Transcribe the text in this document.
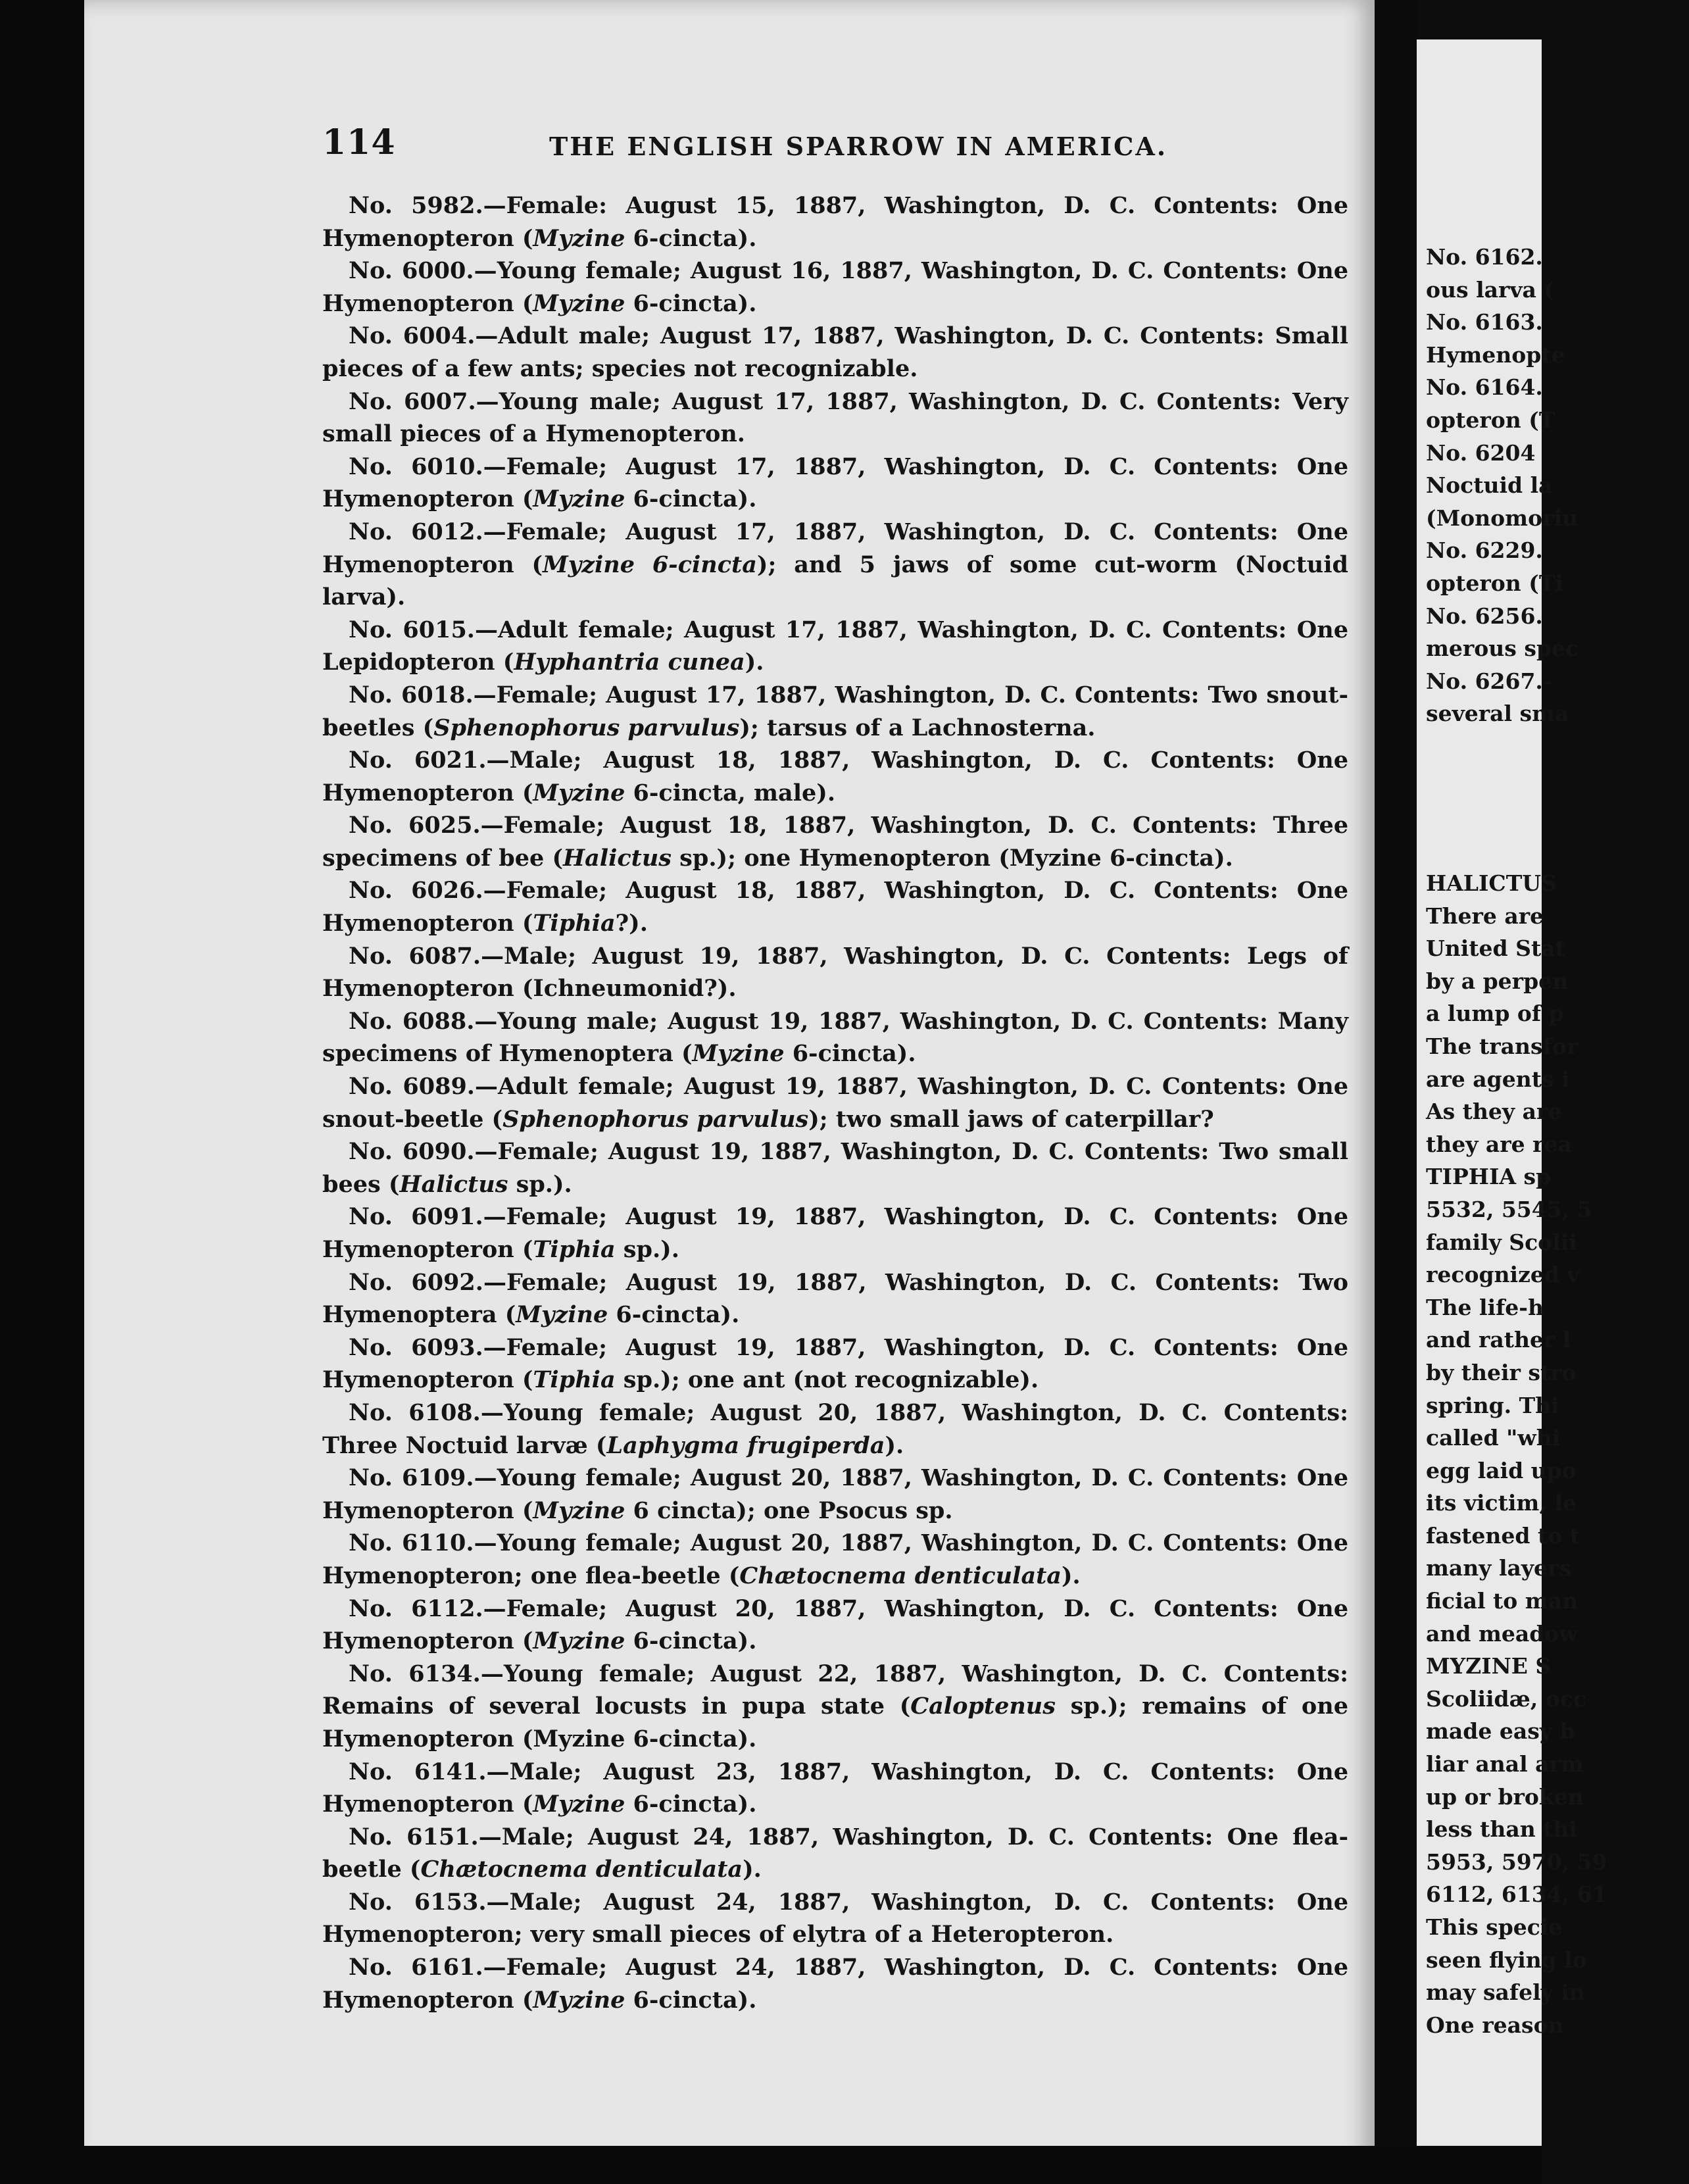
114	THE ENGLISH SPARROW IN AMERICA.

No. 5982.—Female: August 15, 1887, Washington, D. C. Contents: One Hymenopteron (Myzine 6-cincta).

No. 6000.—Young female; August 16, 1887, Washington, D. C. Contents: One Hymenopteron (Myzine 6-cincta).

No. 6004.—Adult male; August 17, 1887, Washington, D. C. Contents: Small pieces of a few ants; species not recognizable.

No. 6007.—Young male; August 17, 1887, Washington, D. C. Contents: Very small pieces of a Hymenopteron.

No. 6010.—Female; August 17, 1887, Washington, D. C. Contents: One Hymenopteron (Myzine 6-cincta).

No. 6012.—Female; August 17, 1887, Washington, D. C. Contents: One Hymenopteron (Myzine 6-cincta); and 5 jaws of some cut-worm (Noctuid larva).

No. 6015.—Adult female; August 17, 1887, Washington, D. C. Contents: One Lepidopteron (Hyphantria cunea).

No. 6018.—Female; August 17, 1887, Washington, D. C. Contents: Two snout-beetles (Sphenophorus parvulus); tarsus of a Lachnosterna.

No. 6021.—Male; August 18, 1887, Washington, D. C. Contents: One Hymenopteron (Myzine 6-cincta, male).

No. 6025.—Female; August 18, 1887, Washington, D. C. Contents: Three specimens of bee (Halictus sp.); one Hymenopteron (Myzine 6-cincta).

No. 6026.—Female; August 18, 1887, Washington, D. C. Contents: One Hymenopteron (Tiphia?).

No. 6087.—Male; August 19, 1887, Washington, D. C. Contents: Legs of Hymenopteron (Ichneumonid?).

No. 6088.—Young male; August 19, 1887, Washington, D. C. Contents: Many specimens of Hymenoptera (Myzine 6-cincta).

No. 6089.—Adult female; August 19, 1887, Washington, D. C. Contents: One snout-beetle (Sphenophorus parvulus); two small jaws of caterpillar?

No. 6090.—Female; August 19, 1887, Washington, D. C. Contents: Two small bees (Halictus sp.).

No. 6091.—Female; August 19, 1887, Washington, D. C. Contents: One Hymenopteron (Tiphia sp.).

No. 6092.—Female; August 19, 1887, Washington, D. C. Contents: Two Hymenoptera (Myzine 6-cincta).

No. 6093.—Female; August 19, 1887, Washington, D. C. Contents: One Hymenopteron (Tiphia sp.); one ant (not recognizable).

No. 6108.—Young female; August 20, 1887, Washington, D. C. Contents: Three Noctuid larvæ (Laphygma frugiperda).

No. 6109.—Young female; August 20, 1887, Washington, D. C. Contents: One Hymenopteron (Myzine 6 cincta); one Psocus sp.

No. 6110.—Young female; August 20, 1887, Washington, D. C. Contents: One Hymenopteron; one flea-beetle (Chætocnema denticulata).

No. 6112.—Female; August 20, 1887, Washington, D. C. Contents: One Hymenopteron (Myzine 6-cincta).

No. 6134.—Young female; August 22, 1887, Washington, D. C. Contents: Remains of several locusts in pupa state (Caloptenus sp.); remains of one Hymenopteron (Myzine 6-cincta).

No. 6141.—Male; August 23, 1887, Washington, D. C. Contents: One Hymenopteron (Myzine 6-cincta).

No. 6151.—Male; August 24, 1887, Washington, D. C. Contents: One flea-beetle (Chætocnema denticulata).

No. 6153.—Male; August 24, 1887, Washington, D. C. Contents: One Hymenopteron; very small pieces of elytra of a Heteropteron.

No. 6161.—Female; August 24, 1887, Washington, D. C. Contents: One Hymenopteron (Myzine 6-cincta).

No. 6162.
ous larva (
No. 6163.
Hymenopte
No. 6164.
opteron (T
No. 6204
Noctuid la
(Monomoriu
No. 6229.
opteron (Ti
No. 6256.
merous spec
No. 6267.-
several sma
HALICTUS
There are
United Stat
by a perpen
a lump of p
The transfor
are agents i
As they are
they are rea
TIPHIA sp
5532, 5545, 5
family Scolii
recognized v
The life-h
and rather l
by their stro
spring. Thi
called "whi
egg laid upo
its victim, le
fastened to t
many layers
ficial to man
and meadow
MYZINE S
Scoliidæ, occ
made easy b
liar anal arm
up or broken
less than thi
5953, 5970, 59
6112, 6134, 61
This specie
seen flying lo
may safely in
One reason
